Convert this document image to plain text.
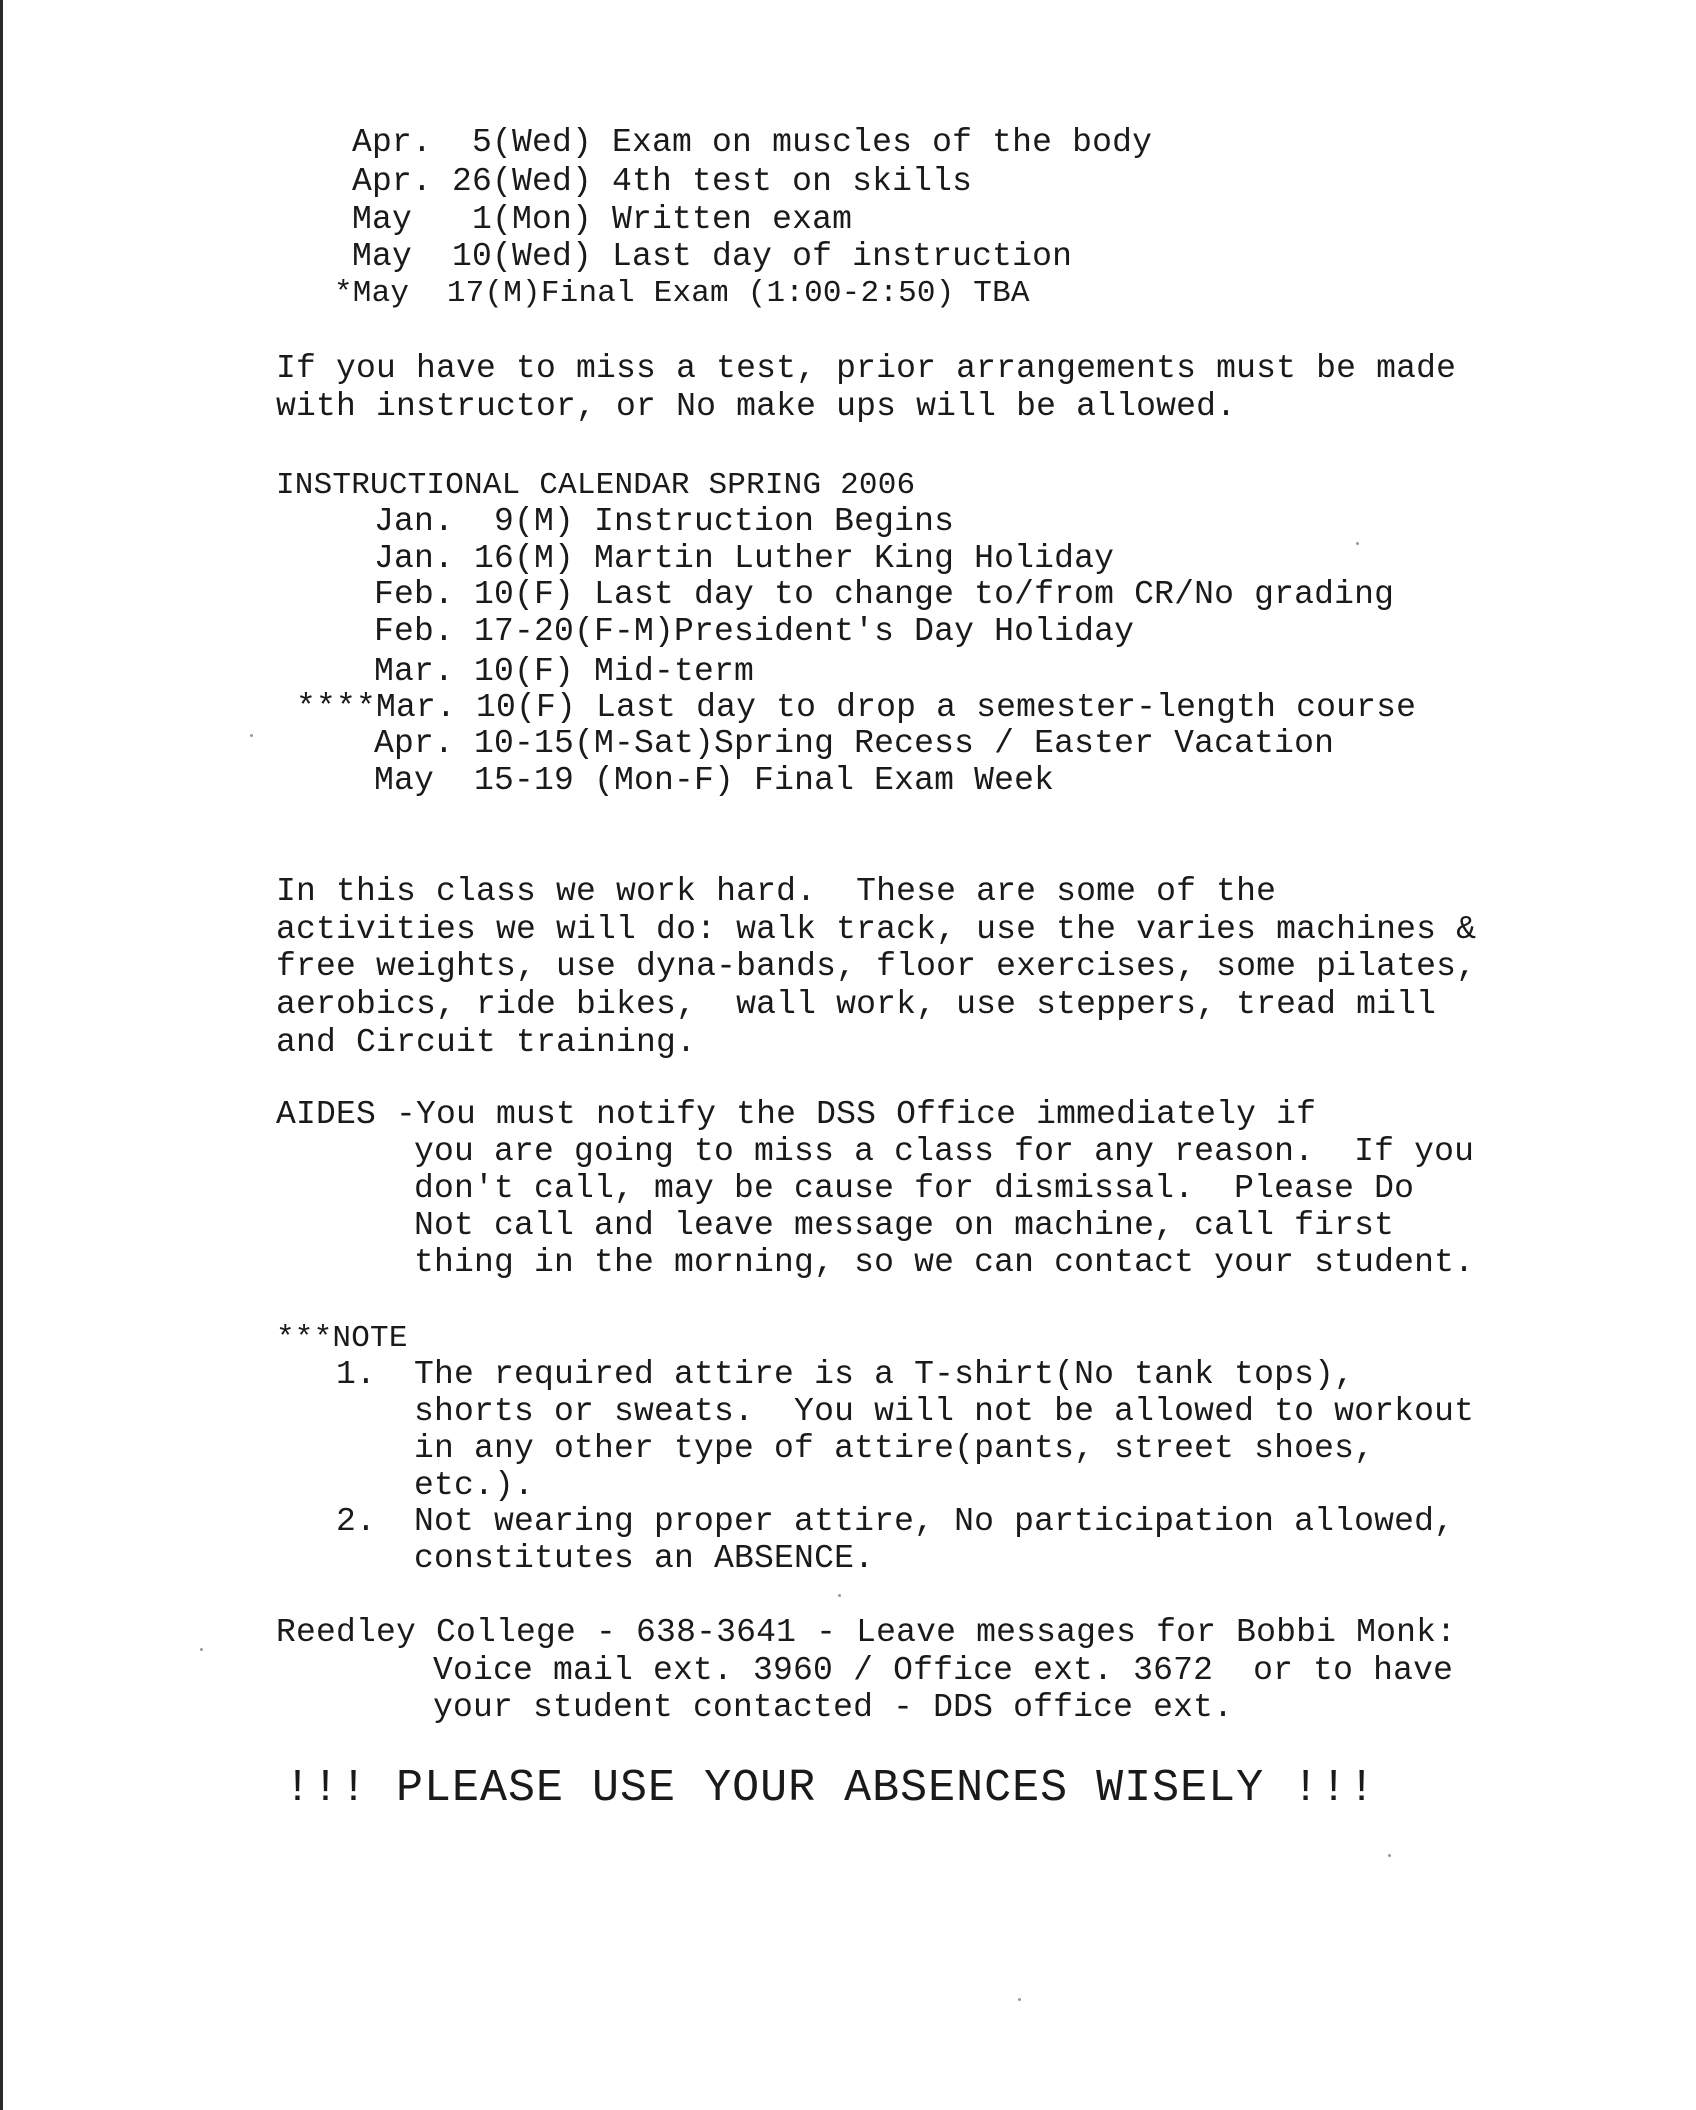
Apr.  5(Wed) Exam on muscles of the body
Apr. 26(Wed) 4th test on skills
May   1(Mon) Written exam
May  10(Wed) Last day of instruction
*May  17(M)Final Exam (1:00-2:50) TBA
If you have to miss a test, prior arrangements must be made
with instructor, or No make ups will be allowed.
INSTRUCTIONAL CALENDAR SPRING 2006
Jan.  9(M) Instruction Begins
Jan. 16(M) Martin Luther King Holiday
Feb. 10(F) Last day to change to/from CR/No grading
Feb. 17-20(F-M)President's Day Holiday
Mar. 10(F) Mid-term
****Mar. 10(F) Last day to drop a semester-length course
Apr. 10-15(M-Sat)Spring Recess / Easter Vacation
May  15-19 (Mon-F) Final Exam Week
In this class we work hard.  These are some of the
activities we will do: walk track, use the varies machines &
free weights, use dyna-bands, floor exercises, some pilates,
aerobics, ride bikes,  wall work, use steppers, tread mill
and Circuit training.
AIDES -You must notify the DSS Office immediately if
you are going to miss a class for any reason.  If you
don't call, may be cause for dismissal.  Please Do
Not call and leave message on machine, call first
thing in the morning, so we can contact your student.
***NOTE
1. The required attire is a T-shirt(No tank tops),
shorts or sweats.  You will not be allowed to workout
in any other type of attire(pants, street shoes,
etc.).
2. Not wearing proper attire, No participation allowed,
constitutes an ABSENCE.
Reedley College - 638-3641 - Leave messages for Bobbi Monk:
Voice mail ext. 3960 / Office ext. 3672  or to have
your student contacted - DDS office ext.
!!! PLEASE USE YOUR ABSENCES WISELY !!!
